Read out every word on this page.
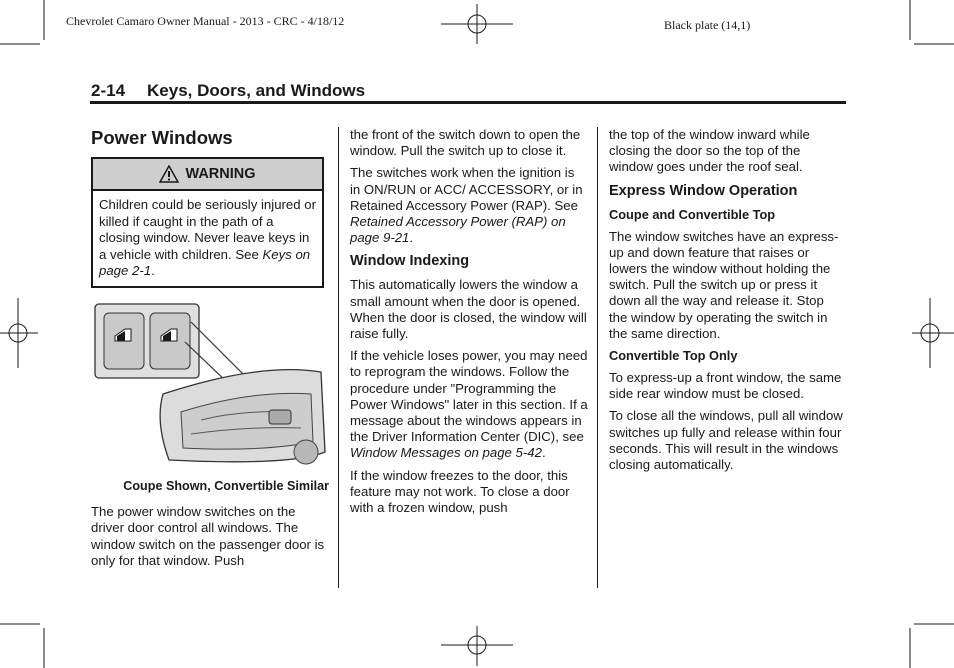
Chevrolet Camaro Owner Manual - 2013 - CRC - 4/18/12	Black plate (14,1)
2-14 Keys, Doors, and Windows
Power Windows
WARNING
Children could be seriously injured or killed if caught in the path of a closing window. Never leave keys in a vehicle with children. See Keys on page 2-1.
Coupe Shown, Convertible Similar

The power window switches on the driver door control all windows. The window switch on the passenger door is only for that window. Push

the front of the switch down to open the window. Pull the switch up to close it.

The switches work when the ignition is in ON/RUN or ACC/ ACCESSORY, or in Retained Accessory Power (RAP). See Retained Accessory Power (RAP) on page 9-21.

Window Indexing

This automatically lowers the window a small amount when the door is opened. When the door is closed, the window will raise fully.

If the vehicle loses power, you may need to reprogram the windows. Follow the procedure under "Programming the Power Windows" later in this section. If a message about the windows appears in the Driver Information Center (DIC), see Window Messages on page 5-42.

If the window freezes to the door, this feature may not work. To close a door with a frozen window, push

the top of the window inward while closing the door so the top of the window goes under the roof seal.

Express Window Operation
Coupe and Convertible Top

The window switches have an express-up and down feature that raises or lowers the window without holding the switch. Pull the switch up or press it down all the way and release it. Stop the window by operating the switch in the same direction.

Convertible Top Only

To express-up a front window, the same side rear window must be closed.

To close all the windows, pull all window switches up fully and release within four seconds. This will result in the windows closing automatically.
